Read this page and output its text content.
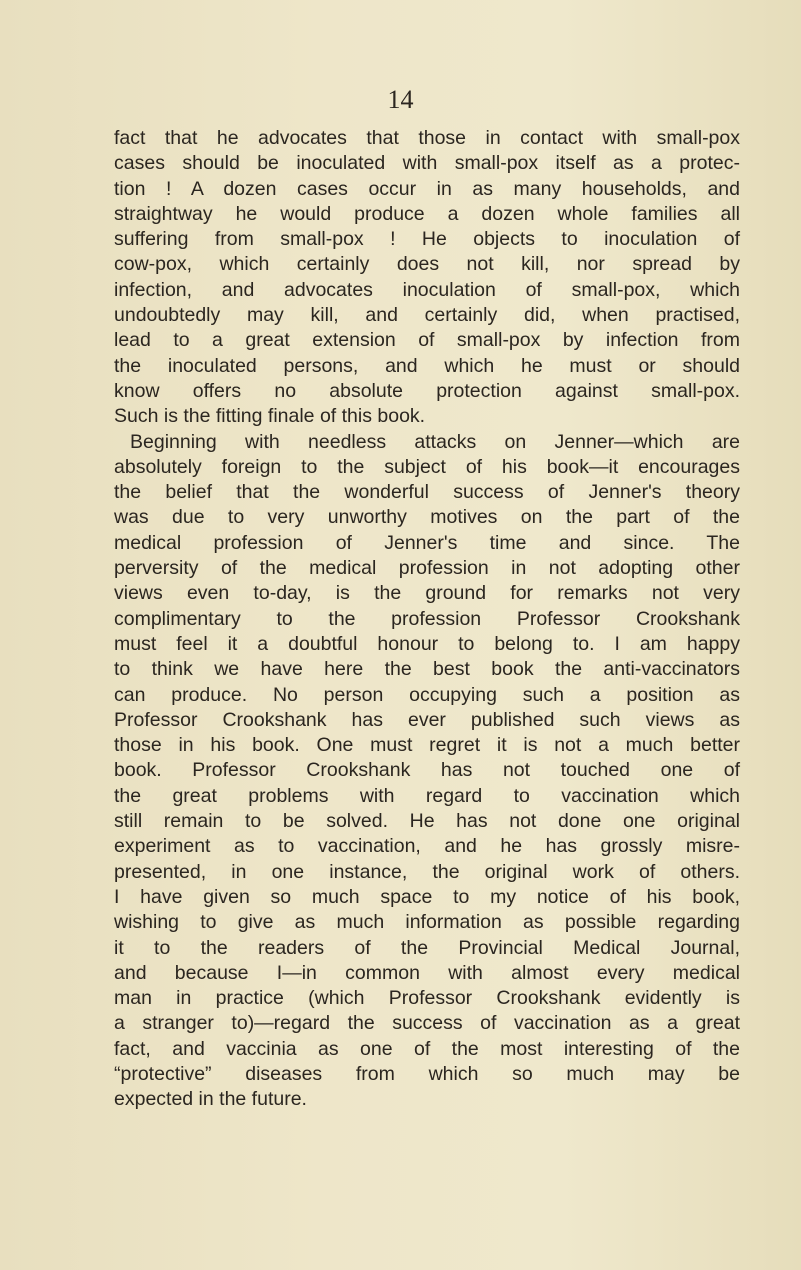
14
fact that he advocates that those in contact with small-pox
cases should be inoculated with small-pox itself as a protec-
tion ! A dozen cases occur in as many households, and
straightway he would produce a dozen whole families all
suffering from small-pox ! He objects to inoculation of
cow-pox, which certainly does not kill, nor spread by
infection, and advocates inoculation of small-pox, which
undoubtedly may kill, and certainly did, when practised,
lead to a great extension of small-pox by infection from
the inoculated persons, and which he must or should
know offers no absolute protection against small-pox.
Such is the fitting finale of this book.
Beginning with needless attacks on Jenner—which are
absolutely foreign to the subject of his book—it encourages
the belief that the wonderful success of Jenner's theory
was due to very unworthy motives on the part of the
medical profession of Jenner's time and since. The
perversity of the medical profession in not adopting other
views even to-day, is the ground for remarks not very
complimentary to the profession Professor Crookshank
must feel it a doubtful honour to belong to. I am happy
to think we have here the best book the anti-vaccinators
can produce. No person occupying such a position as
Professor Crookshank has ever published such views as
those in his book. One must regret it is not a much better
book. Professor Crookshank has not touched one of
the great problems with regard to vaccination which
still remain to be solved. He has not done one original
experiment as to vaccination, and he has grossly misre-
presented, in one instance, the original work of others.
I have given so much space to my notice of his book,
wishing to give as much information as possible regarding
it to the readers of the Provincial Medical Journal,
and because I—in common with almost every medical
man in practice (which Professor Crookshank evidently is
a stranger to)—regard the success of vaccination as a great
fact, and vaccinia as one of the most interesting of the
“protective” diseases from which so much may be
expected in the future.
